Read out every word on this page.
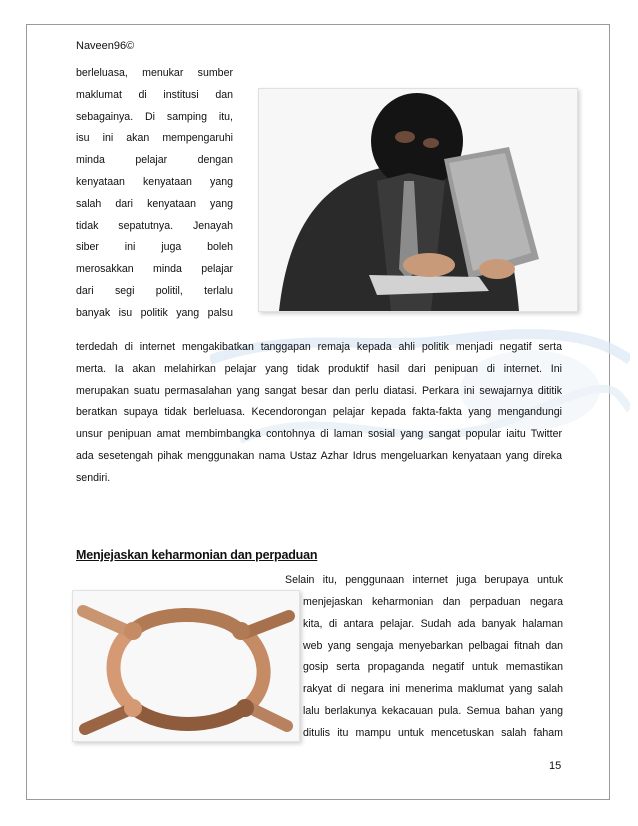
Naveen96©
berleluasa, menukar sumber
maklumat di institusi dan
sebagainya. Di samping itu,
isu ini akan mempengaruhi
minda pelajar dengan
kenyataan kenyataan yang
salah dari kenyataan yang
tidak sepatutnya. Jenayah
siber ini juga boleh
merosakkan minda pelajar
dari segi politil, terlalu
banyak isu politik yang palsu
terdedah di internet mengakibatkan tanggapan remaja kepada ahli politik menjadi negatif serta
merta. Ia akan melahirkan pelajar yang tidak produktif hasil dari penipuan di internet. Ini
merupakan suatu permasalahan yang sangat besar dan perlu diatasi. Perkara ini sewajarnya dititik
beratkan supaya tidak berleluasa. Kecendorongan pelajar kepada fakta-fakta yang mengandungi
unsur penipuan amat membimbangka contohnya di laman sosial yang sangat popular iaitu Twitter
ada sesetengah pihak menggunakan nama Ustaz Azhar Idrus mengeluarkan kenyataan yang direka
sendiri.
Menjejaskan keharmonian dan perpaduan
Selain itu, penggunaan internet juga berupaya untuk
menjejaskan keharmonian dan perpaduan negara
kita, di antara pelajar. Sudah ada banyak halaman
web yang sengaja menyebarkan pelbagai fitnah dan
gosip serta propaganda negatif untuk memastikan
rakyat di negara ini menerima maklumat yang salah
lalu berlakunya kekacauan pula. Semua bahan yang
ditulis itu mampu untuk mencetuskan salah faham
15
